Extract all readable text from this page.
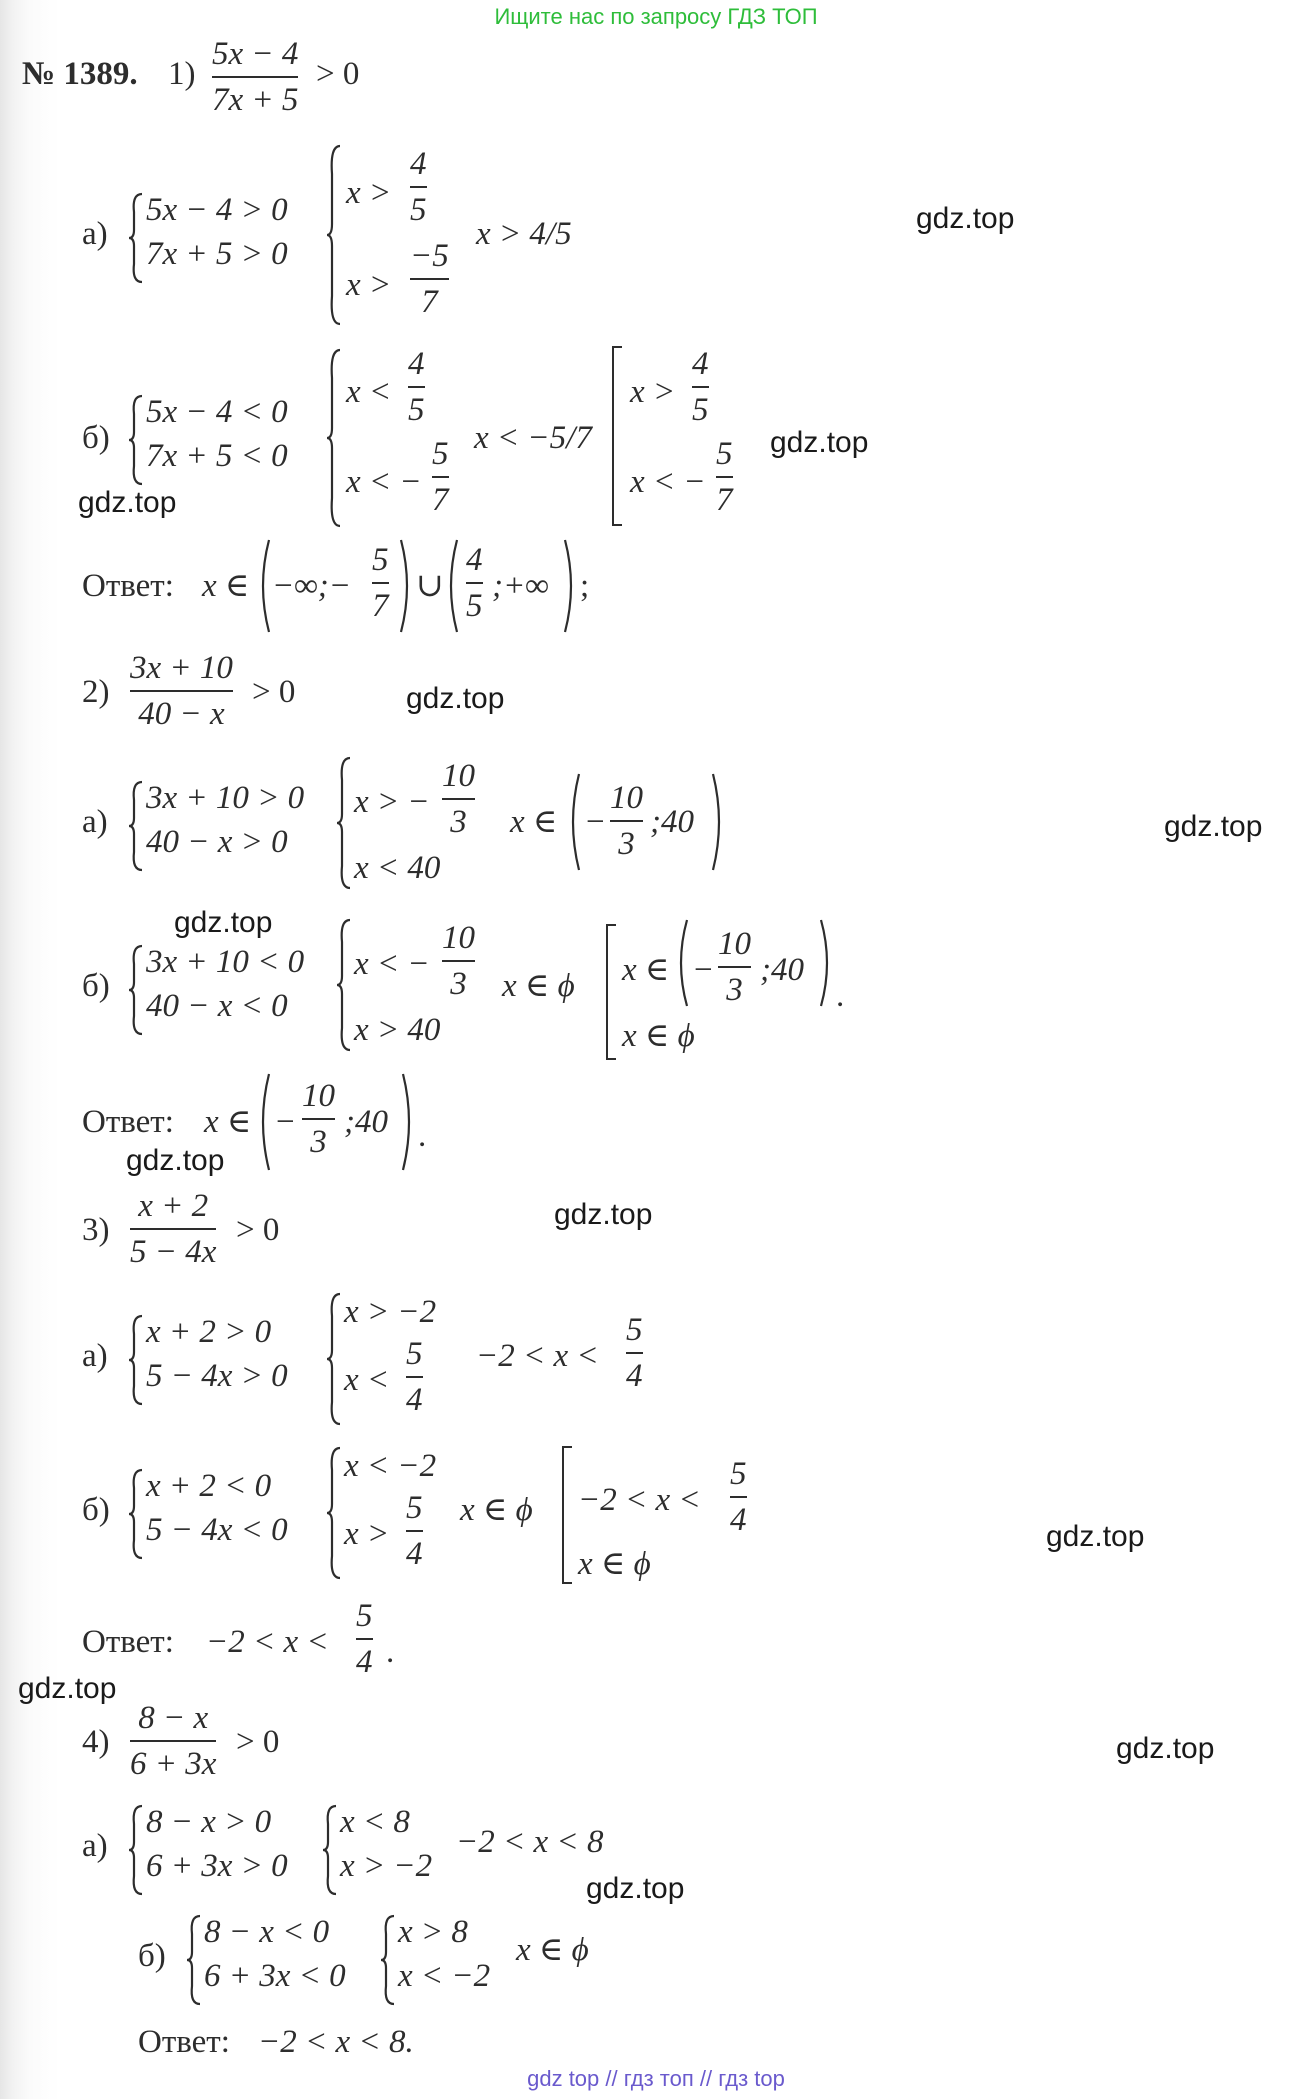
Ищите нас по запросу ГДЗ ТОП
№ 1389. 1)
5x − 4
7x + 5
> 0
а)
5x − 4 > 0
7x + 5 > 0
x >
4
5
x >
−5
7
x > 4/5
б)
5x − 4 < 0
7x + 5 < 0
x <
4
5
x < −
5
7
x < −5/7
x >
4
5
x < −
5
7
Ответ: x ∈ −∞;−
5
7
∪
4
5
;+∞ ;
2)
3x + 10
40 − x
> 0
а)
3x + 10 > 0
40 − x > 0
x > −
10
3
x < 40
x ∈ −
10
3
;40
б)
3x + 10 < 0
40 − x < 0
x < −
10
3
x > 40
x ∈ ϕ x ∈ −
10
3
;40
.
x ∈ ϕ
Ответ: x ∈ −
10
3
;40 .
3)
x + 2
5 − 4x
> 0
а)
x + 2 > 0
5 − 4x > 0
x > −2
x <
5
4
−2 < x <
5
4
б)
x + 2 < 0
5 − 4x < 0
x < −2
x >
5
4
x ∈ ϕ −2 < x <
5
4
x ∈ ϕ
Ответ: −2 < x <
5
4 .
4)
8 − x
6 + 3x
> 0
а)
8 − x > 0
6 + 3x > 0
x < 8
x > −2
−2 < x < 8
б)
8 − x < 0
6 + 3x < 0
x > 8
x < −2
x ∈ ϕ
Ответ: −2 < x < 8.
gdz.top
gdz.top
gdz.top
gdz.top
gdz.top
gdz.top
gdz.top
gdz.top
gdz.top
gdz.top
gdz.top
gdz.top
gdz top // гдз топ // гдз top
